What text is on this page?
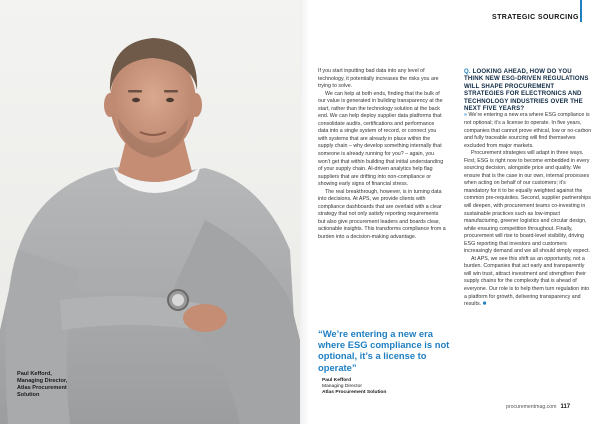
Paul Kefford,
Managing Director,
Atlas Procurement
Solution
STRATEGIC SOURCING

If you start inputting bad data into any level of technology, it potentially increases the risks you are trying to solve.

We can help at both ends, finding that the bulk of our value is generated in building transparency at the start, rather than the technology solution at the back end. We can help deploy supplier data platforms that consolidate audits, certifications and performance data into a single system of record, or connect you with systems that are already in place within the supply chain – why develop something internally that someone is already running for you? – again, you won’t get that within building that initial understanding of your supply chain. AI-driven analytics help flag suppliers that are drifting into non-compliance or showing early signs of financial stress.

The real breakthrough, however, is in turning data into decisions. At APS, we provide clients with compliance dashboards that are overlaid with a clear strategy that not only satisfy reporting requirements but also give procurement leaders and boards clear, actionable insights. This transforms compliance from a burden into a decision-making advantage.

“We’re entering a new era where ESG compliance is not optional, it’s a license to operate”
Paul Kefford
Managing Director
Atlas Procurement Solution

Q. LOOKING AHEAD, HOW DO YOU THINK NEW ESG-DRIVEN REGULATIONS WILL SHAPE PROCUREMENT STRATEGIES FOR ELECTRONICS AND TECHNOLOGY INDUSTRIES OVER THE NEXT FIVE YEARS?

» We’re entering a new era where ESG compliance is not optional; it’s a license to operate. In five years, companies that cannot prove ethical, low or no-carbon and fully traceable sourcing will find themselves excluded from major markets.

Procurement strategies will adapt in three ways. First, ESG is right now to become embedded in every sourcing decision, alongside price and quality. We ensure that is the case in our own, internal processes when acting on behalf of our customers; it’s mandatory for it to be equally weighted against the common pre-requisites. Second, supplier partnerships will deepen, with procurement teams co-investing in sustainable practices such as low-impact manufacturing, greener logistics and circular design, while ensuring competition throughout. Finally, procurement will rise to board-level visibility, driving ESG reporting that investors and customers increasingly demand and we all should simply expect.

At APS, we see this shift as an opportunity, not a burden. Companies that act early and transparently will win trust, attract investment and strengthen their supply chains for the complexity that is ahead of everyone. Our role is to help them turn regulation into a platform for growth, delivering transparency and results. ■

procurementmag.com 117
